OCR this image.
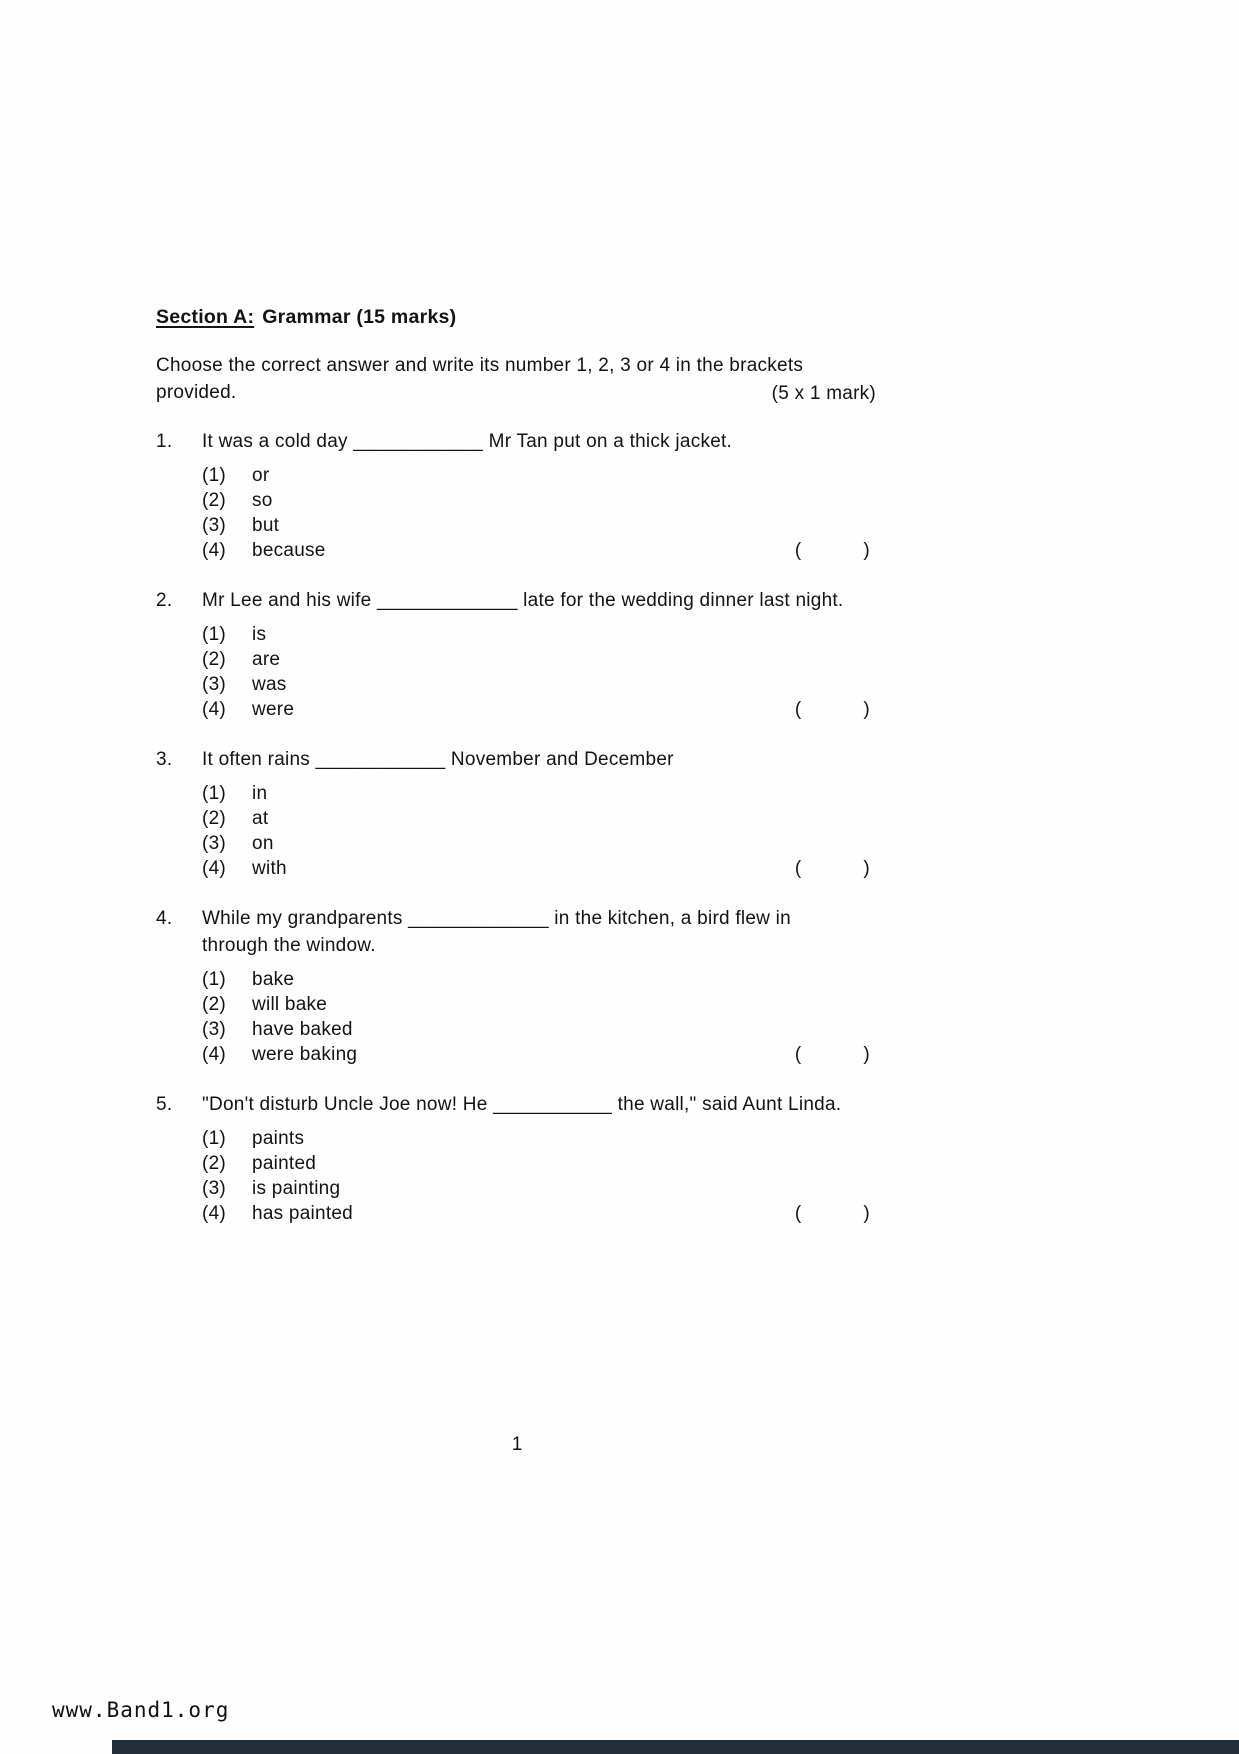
Section A: Grammar (15 marks)

Choose the correct answer and write its number 1, 2, 3 or 4 in the brackets provided.	(5 x 1 mark)
1.	It was a cold day ____________ Mr Tan put on a thick jacket.
(1)	or
(2)	so
(3)	but
(4)	because	(	)
2.	Mr Lee and his wife _____________ late for the wedding dinner last night.
(1)	is
(2)	are
(3)	was
(4)	were	(	)
3.	It often rains ____________ November and December
(1)	in
(2)	at
(3)	on
(4)	with	(	)
4.	While my grandparents _____________ in the kitchen, a bird flew in through the window.
(1)	bake
(2)	will bake
(3)	have baked
(4)	were baking	(	)
5.	"Don't disturb Uncle Joe now! He ___________ the wall," said Aunt Linda.
(1)	paints
(2)	painted
(3)	is painting
(4)	has painted	(	)
1
www.Band1.org
